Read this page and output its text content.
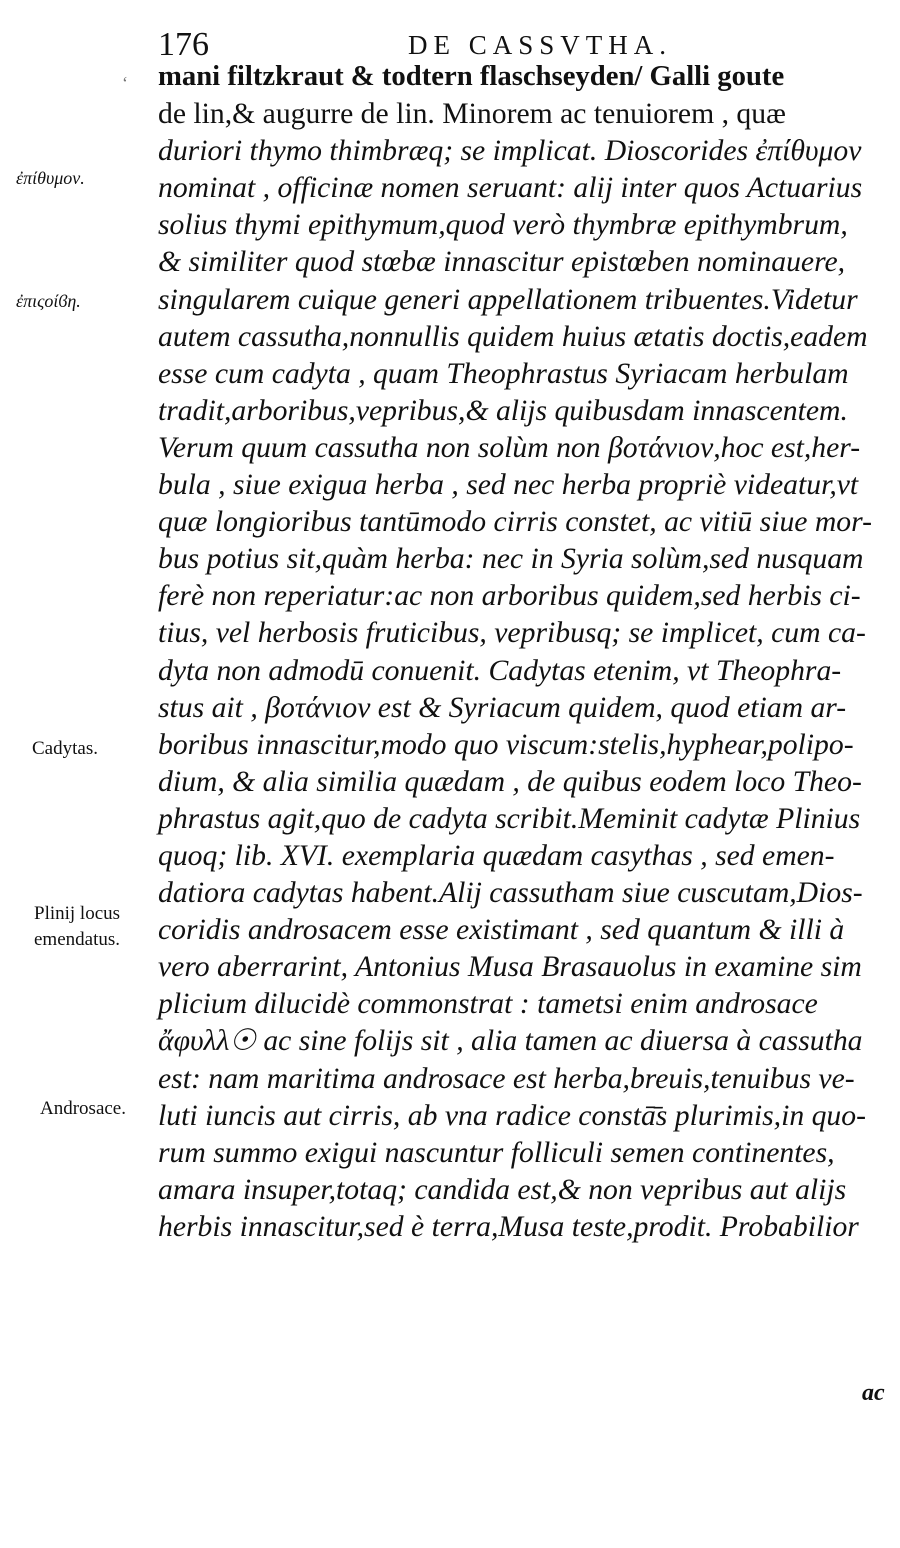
176	DE CASSVTHA.
‘ mani filtzkraut & todtern flaschseyden/ Galli goute
de lin,& augurre de lin. Minorem ac tenuiorem , quæ
duriori thymo thimbræq; se implicat. Dioscorides ἐπίθυμον
nominat , officinæ nomen seruant: alij inter quos Actuarius
solius thymi epithymum,quod verò thymbræ epithymbrum,
& similiter quod stœbæ innascitur epistœben nominauere,
singularem cuique generi appellationem tribuentes.Videtur
autem cassutha,nonnullis quidem huius ætatis doctis,eadem
esse cum cadyta , quam Theophrastus Syriacam herbulam
tradit,arboribus,vepribus,& alijs quibusdam innascentem.
Verum quum cassutha non solùm non βοτάνιον,hoc est,her-
bula , siue exigua herba , sed nec herba propriè videatur,vt
quæ longioribus tantūmodo cirris constet, ac vitiū siue mor-
bus potius sit,quàm herba: nec in Syria solùm,sed nusquam
ferè non reperiatur:ac non arboribus quidem,sed herbis ci-
tius, vel herbosis fruticibus, vepribusq; se implicet, cum ca-
dyta non admodū conuenit. Cadytas etenim, vt Theophra-
stus ait , βοτάνιον est & Syriacum quidem, quod etiam ar-
boribus innascitur,modo quo viscum:stelis,hyphear,polipo-
dium, & alia similia quædam , de quibus eodem loco Theo-
phrastus agit,quo de cadyta scribit.Meminit cadytæ Plinius
quoq; lib. XVI. exemplaria quædam casythas , sed emen-
datiora cadytas habent.Alij cassutham siue cuscutam,Dios-
coridis androsacem esse existimant , sed quantum & illi à
vero aberrarint, Antonius Musa Brasauolus in examine sim
plicium dilucidè commonstrat : tametsi enim androsace
ἄφυλλ☉ ac sine folijs sit , alia tamen ac diuersa à cassutha
est: nam maritima androsace est herba,breuis,tenuibus ve-
luti iuncis aut cirris, ab vna radice constā̄s plurimis,in quo-
rum summo exigui nascuntur folliculi semen continentes,
amara insuper,totaq; candida est,& non vepribus aut alijs
herbis innascitur,sed è terra,Musa teste,prodit. Probabilior
ἐπίθυμον.
ἐπιςοίϐη.
Cadytas.
Plinij locus
emendatus.
Androsace.
ac
